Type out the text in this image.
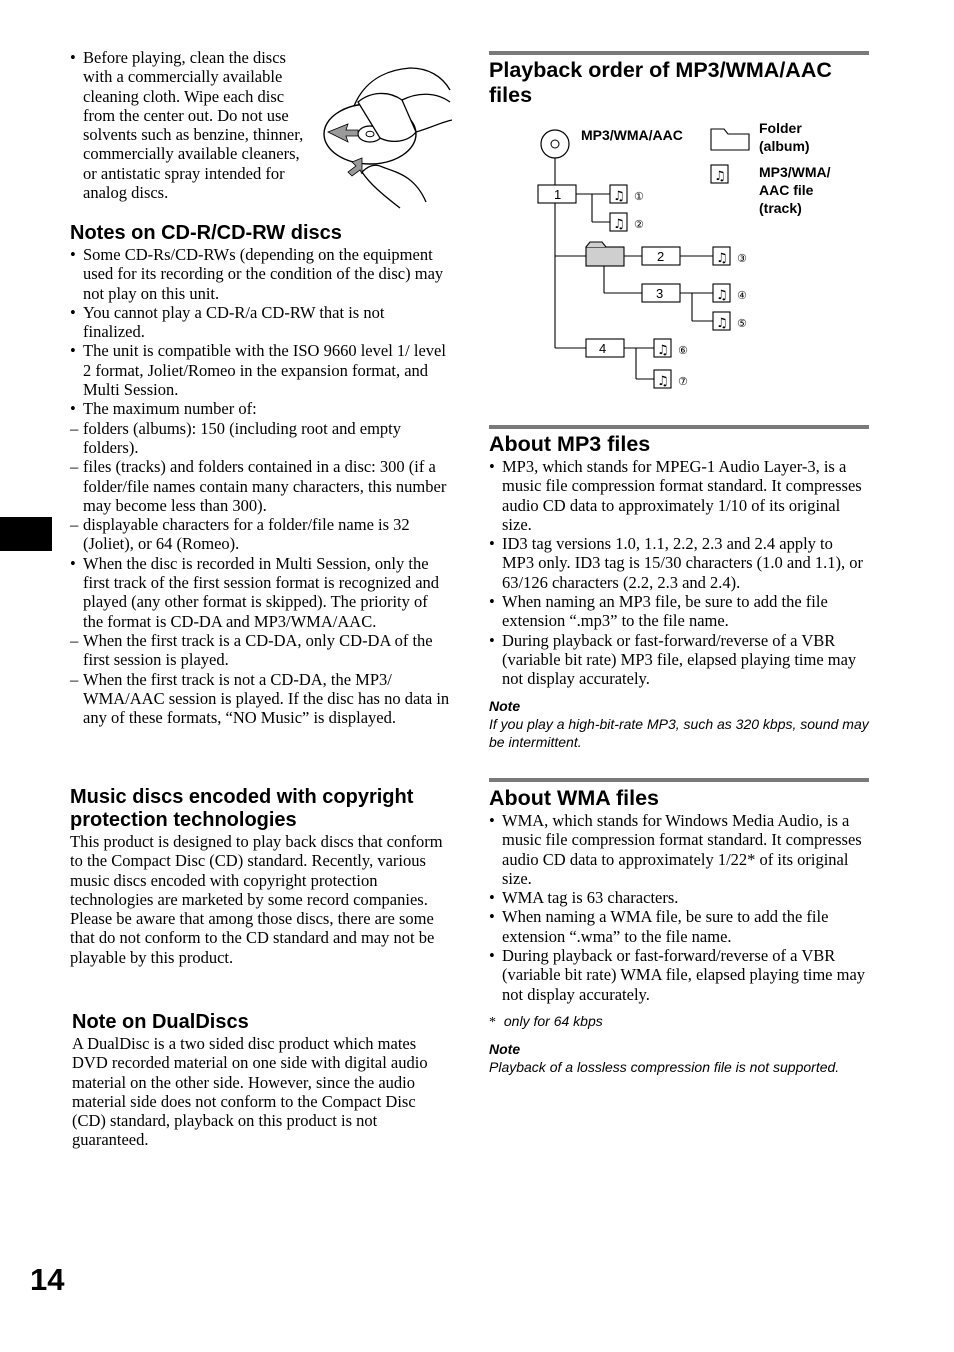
• Before playing, clean the discs with a commercially available cleaning cloth. Wipe each disc from the center out. Do not use solvents such as benzine, thinner, commercially available cleaners, or antistatic spray intended for analog discs.
Notes on CD-R/CD-RW discs
• Some CD-Rs/CD-RWs (depending on the equipment used for its recording or the condition of the disc) may not play on this unit.
• You cannot play a CD-R/a CD-RW that is not finalized.
• The unit is compatible with the ISO 9660 level 1/ level 2 format, Joliet/Romeo in the expansion format, and Multi Session.
• The maximum number of:
– folders (albums): 150 (including root and empty folders).
– files (tracks) and folders contained in a disc: 300 (if a folder/file names contain many characters, this number may become less than 300).
– displayable characters for a folder/file name is 32 (Joliet), or 64 (Romeo).
• When the disc is recorded in Multi Session, only the first track of the first session format is recognized and played (any other format is skipped). The priority of the format is CD-DA and MP3/WMA/AAC.
– When the first track is a CD-DA, only CD-DA of the first session is played.
– When the first track is not a CD-DA, the MP3/ WMA/AAC session is played. If the disc has no data in any of these formats, “NO Music” is displayed.
Music discs encoded with copyright protection technologies
This product is designed to play back discs that conform to the Compact Disc (CD) standard. Recently, various music discs encoded with copyright protection technologies are marketed by some record companies. Please be aware that among those discs, there are some that do not conform to the CD standard and may not be playable by this product.
Note on DualDiscs
A DualDisc is a two sided disc product which mates DVD recorded material on one side with digital audio material on the other side. However, since the audio material side does not conform to the Compact Disc (CD) standard, playback on this product is not guaranteed.
14
Playback order of MP3/WMA/AAC files
MP3/WMA/AAC	Folder
(album)
♫ MP3/WMA/
AAC file
(track)
1
2
3
4
♫ ①
♫ ②
♫ ③
♫ ④
♫ ⑤
♫ ⑥
♫ ⑦
About MP3 files
• MP3, which stands for MPEG-1 Audio Layer-3, is a music file compression format standard. It compresses audio CD data to approximately 1/10 of its original size.
• ID3 tag versions 1.0, 1.1, 2.2, 2.3 and 2.4 apply to MP3 only. ID3 tag is 15/30 characters (1.0 and 1.1), or 63/126 characters (2.2, 2.3 and 2.4).
• When naming an MP3 file, be sure to add the file extension “.mp3” to the file name.
• During playback or fast-forward/reverse of a VBR (variable bit rate) MP3 file, elapsed playing time may not display accurately.
Note
If you play a high-bit-rate MP3, such as 320 kbps, sound may be intermittent.
About WMA files
• WMA, which stands for Windows Media Audio, is a music file compression format standard. It compresses audio CD data to approximately 1/22* of its original size.
• WMA tag is 63 characters.
• When naming a WMA file, be sure to add the file extension “.wma” to the file name.
• During playback or fast-forward/reverse of a VBR (variable bit rate) WMA file, elapsed playing time may not display accurately.
* only for 64 kbps
Note
Playback of a lossless compression file is not supported.
